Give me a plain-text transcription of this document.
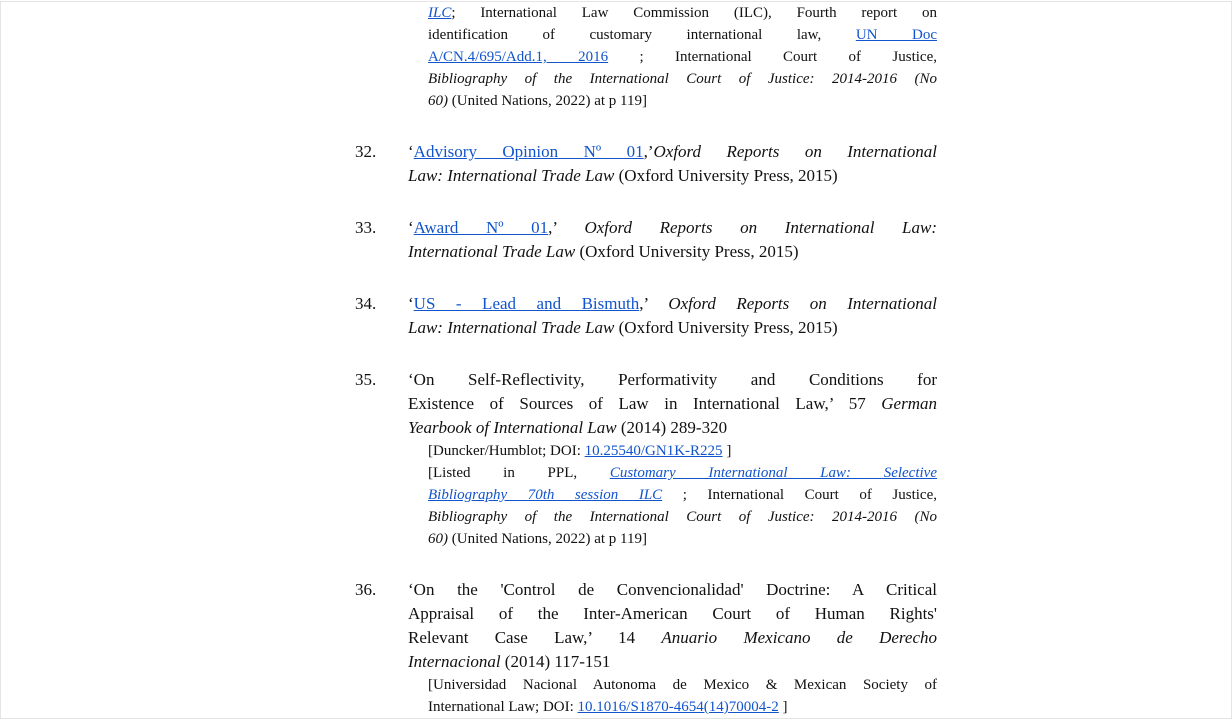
ILC; International Law Commission (ILC), Fourth report on
identification of customary international law, UN Doc
A/CN.4/695/Add.1, 2016 ; International Court of Justice,
Bibliography of the International Court of Justice: 2014-2016 (No
60) (United Nations, 2022) at p 119]
32.	‘Advisory Opinion Nº 01,’Oxford Reports on International
Law: International Trade Law (Oxford University Press, 2015)
33.	‘Award Nº 01,’ Oxford Reports on International Law:
International Trade Law (Oxford University Press, 2015)
34.	‘US - Lead and Bismuth,’ Oxford Reports on International
Law: International Trade Law (Oxford University Press, 2015)
35.	‘On Self-Reflectivity, Performativity and Conditions for
Existence of Sources of Law in International Law,’ 57 German
Yearbook of International Law (2014) 289-320
[Duncker/Humblot; DOI: 10.25540/GN1K-R225 ]
[Listed in PPL, Customary International Law: Selective
Bibliography 70th session ILC ; International Court of Justice,
Bibliography of the International Court of Justice: 2014-2016 (No
60) (United Nations, 2022) at p 119]
36.	‘On the 'Control de Convencionalidad' Doctrine: A Critical
Appraisal of the Inter-American Court of Human Rights'
Relevant Case Law,’ 14 Anuario Mexicano de Derecho
Internacional (2014) 117-151
[Universidad Nacional Autonoma de Mexico & Mexican Society of
International Law; DOI: 10.1016/S1870-4654(14)70004-2 ]
